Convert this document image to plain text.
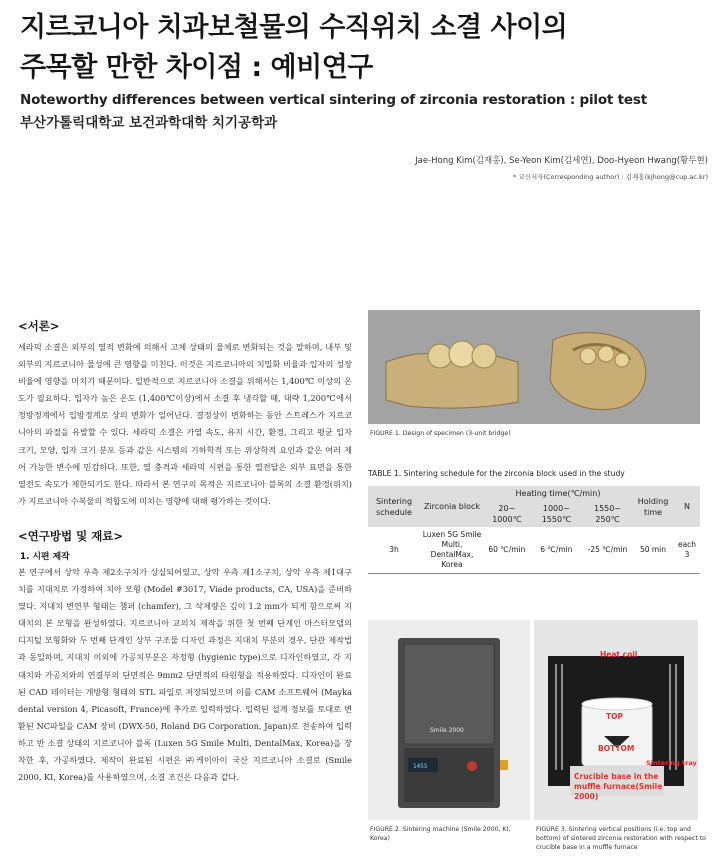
지르코니아 치과보철물의 수직위치 소결 사이의
주목할 만한 차이점 : 예비연구
Noteworthy differences between vertical sintering of zirconia restoration : pilot test
부산가톨릭대학교 보건과학대학 치기공학과
Jae-Hong Kim(김재홍), Se-Yeon Kim(김세연), Doo-Hyeon Hwang(황두현)
* 교신저자(Corresponding author) : 김재홍(kjhong@cup.ac.kr)
<서론>

세라믹 소결은 외부의 열적 변화에 의해서 고체 상태의 물체로 변화되는 것을 말하며, 내부 및 외부의 지르코니아 물성에 큰 영향을 미친다. 이것은 지르코니아의 치밀화 비율과 입자의 성장 비율에 영향을 미치기 때문이다. 일반적으로 지르코니아 소결을 위해서는 1,400℃ 이상의 온도가 필요하다. 입자가 높은 온도 (1,400℃이상)에서 소결 후 냉각할 때, 대략 1,200℃에서 정방정계에서 입방정계로 상의 변화가 일어난다. 결정상이 변화하는 동안 스트레스가 지르코니아의 파절을 유발할 수 있다. 세라믹 소결은 가열 속도, 유지 시간, 환경, 그리고 평균 입자 크기, 모양, 입자 크기 분포 등과 같은 시스템의 기하학적 또는 위상학적 요인과 같은 여러 제어 가능한 변수에 민감하다. 또한, 열 충격과 세라믹 시편을 통한 열전달은 외부 표면을 통한 열전도 속도가 제한되기도 한다. 따라서 본 연구의 목적은 지르코니아 블록의 소결 환경(위치)가 지르코니아 수복물의 적합도에 미치는 영향에 대해 평가하는 것이다.

<연구방법 및 재료>
1. 시편 제작

본 연구에서 상악 우측 제2소구치가 상실되어있고, 상악 우측 제1소구치, 상악 우측 제1대구치를 지대치로 가정하여 치아 모형 (Model #3017, Viade products, CA, USA)을 준비하였다. 지대치 변연부 형태는 챔퍼 (chamfer), 그 삭제량은 깊이 1.2 mm가 되게 함으로써 지대치의 본 모형을 완성하였다. 지르코니아 교의치 제작을 위한 첫 번째 단계인 마스터모델의 디지털 모형화와 두 번째 단계인 상부 구조물 디자인 과정은 지대치 부분의 경우, 단관 제작법과 동일하며, 지대치 이외에 가공치부분은 자정형 (hygienic type)으로 디자인하였고, 각 지대치와 가공치와의 연결부의 단면적은 9mm2 단면적의 타원형을 적용하였다. 디자인이 완료된 CAD 데이터는 개방형 형태의 STL 파일로 저장되었으며 이를 CAM 소프트웨어 (Mayka dental version 4, Picasoft, France)에 추가로 입력하였다. 입력된 설계 정보를 토대로 변환된 NC파일을 CAM 장비 (DWX-50, Roland DG Corporation, Japan)로 전송하여 입력하고 반 소결 상태의 지르코니아 블록 (Luxen 5G Smile Multi, DentalMax, Korea)을 장착한 후, 가공하였다. 제작이 완료된 시편은 ㈜케이아이 국산 지르코니아 소결로 (Smile 2000, KI, Korea)를 사용하였으며, 소결 조건은 다음과 같다.

FIGURE 1. Design of specimen (3-unit bridge)
TABLE 1. Sintering schedule for the zirconia block used in the study
Sintering schedule	Zirconia block	Heating time(℃/min)			Holding time	N
		20~ 1000℃	1000~ 1550℃	1550~ 250℃		
3h	Luxen 5G Smile Multi, DentalMax, Korea	60 ℃/min	6 ℃/min	-25 ℃/min	50 min	each 3
Smile 2000
1455
FIGURE 2. Sintering machine (Smile 2000, KI, Korea)
Heat coil
TOP
BOTTOM
Sintering tray
Crucible base in the muffle furnace(Smile 2000)
FIGURE 3. Sintering vertical positions (i.e. top and bottom) of sintered zirconia restoration with respect to crucible base in a muffle furnace
